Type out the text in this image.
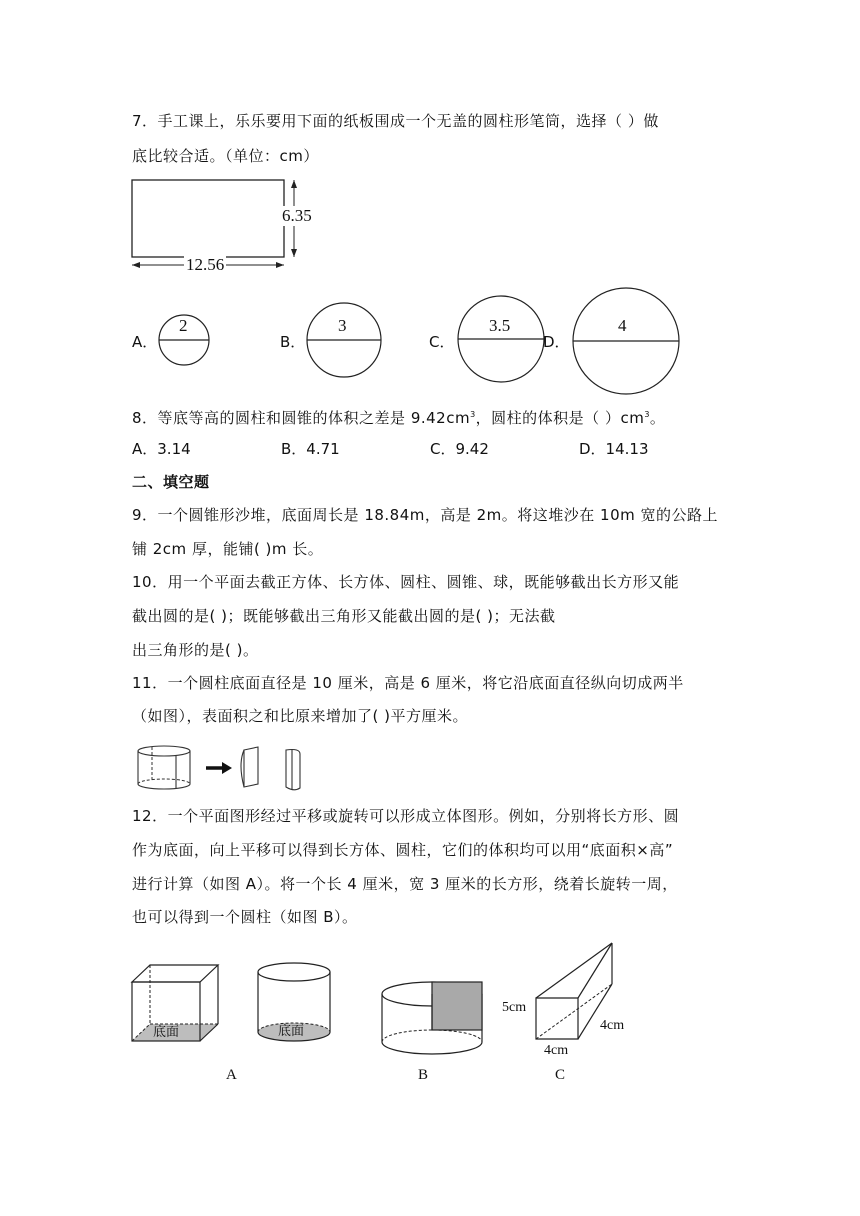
7．手工课上，乐乐要用下面的纸板围成一个无盖的圆柱形笔筒，选择（ ）做
底比较合适。（单位：cm）
6.35
12.56
A．
2
B．
3
C．
3.5
D．
4
8．等底等高的圆柱和圆锥的体积之差是 $9.42cm^3$，圆柱的体积是（ ）$cm^3$。
A．3.14	B．4.71	C．9.42	D．14.13
二、填空题
9．一个圆锥形沙堆，底面周长是 18.84m，高是 2m。将这堆沙在 10m 宽的公路上
铺 2cm 厚，能铺( )m 长。
10．用一个平面去截正方体、长方体、圆柱、圆锥、球，既能够截出长方形又能
截出圆的是( )；既能够截出三角形又能截出圆的是( )；无法截
出三角形的是( )。
11．一个圆柱底面直径是 10 厘米，高是 6 厘米，将它沿底面直径纵向切成两半
（如图），表面积之和比原来增加了( )平方厘米。
12．一个平面图形经过平移或旋转可以形成立体图形。例如，分别将长方形、圆
作为底面，向上平移可以得到长方体、圆柱，它们的体积均可以用“底面积×高”
进行计算（如图 A）。将一个长 4 厘米，宽 3 厘米的长方形，绕着长旋转一周，
也可以得到一个圆柱（如图 B）。
底面	底面
5cm
4cm
4cm
A	B	C
